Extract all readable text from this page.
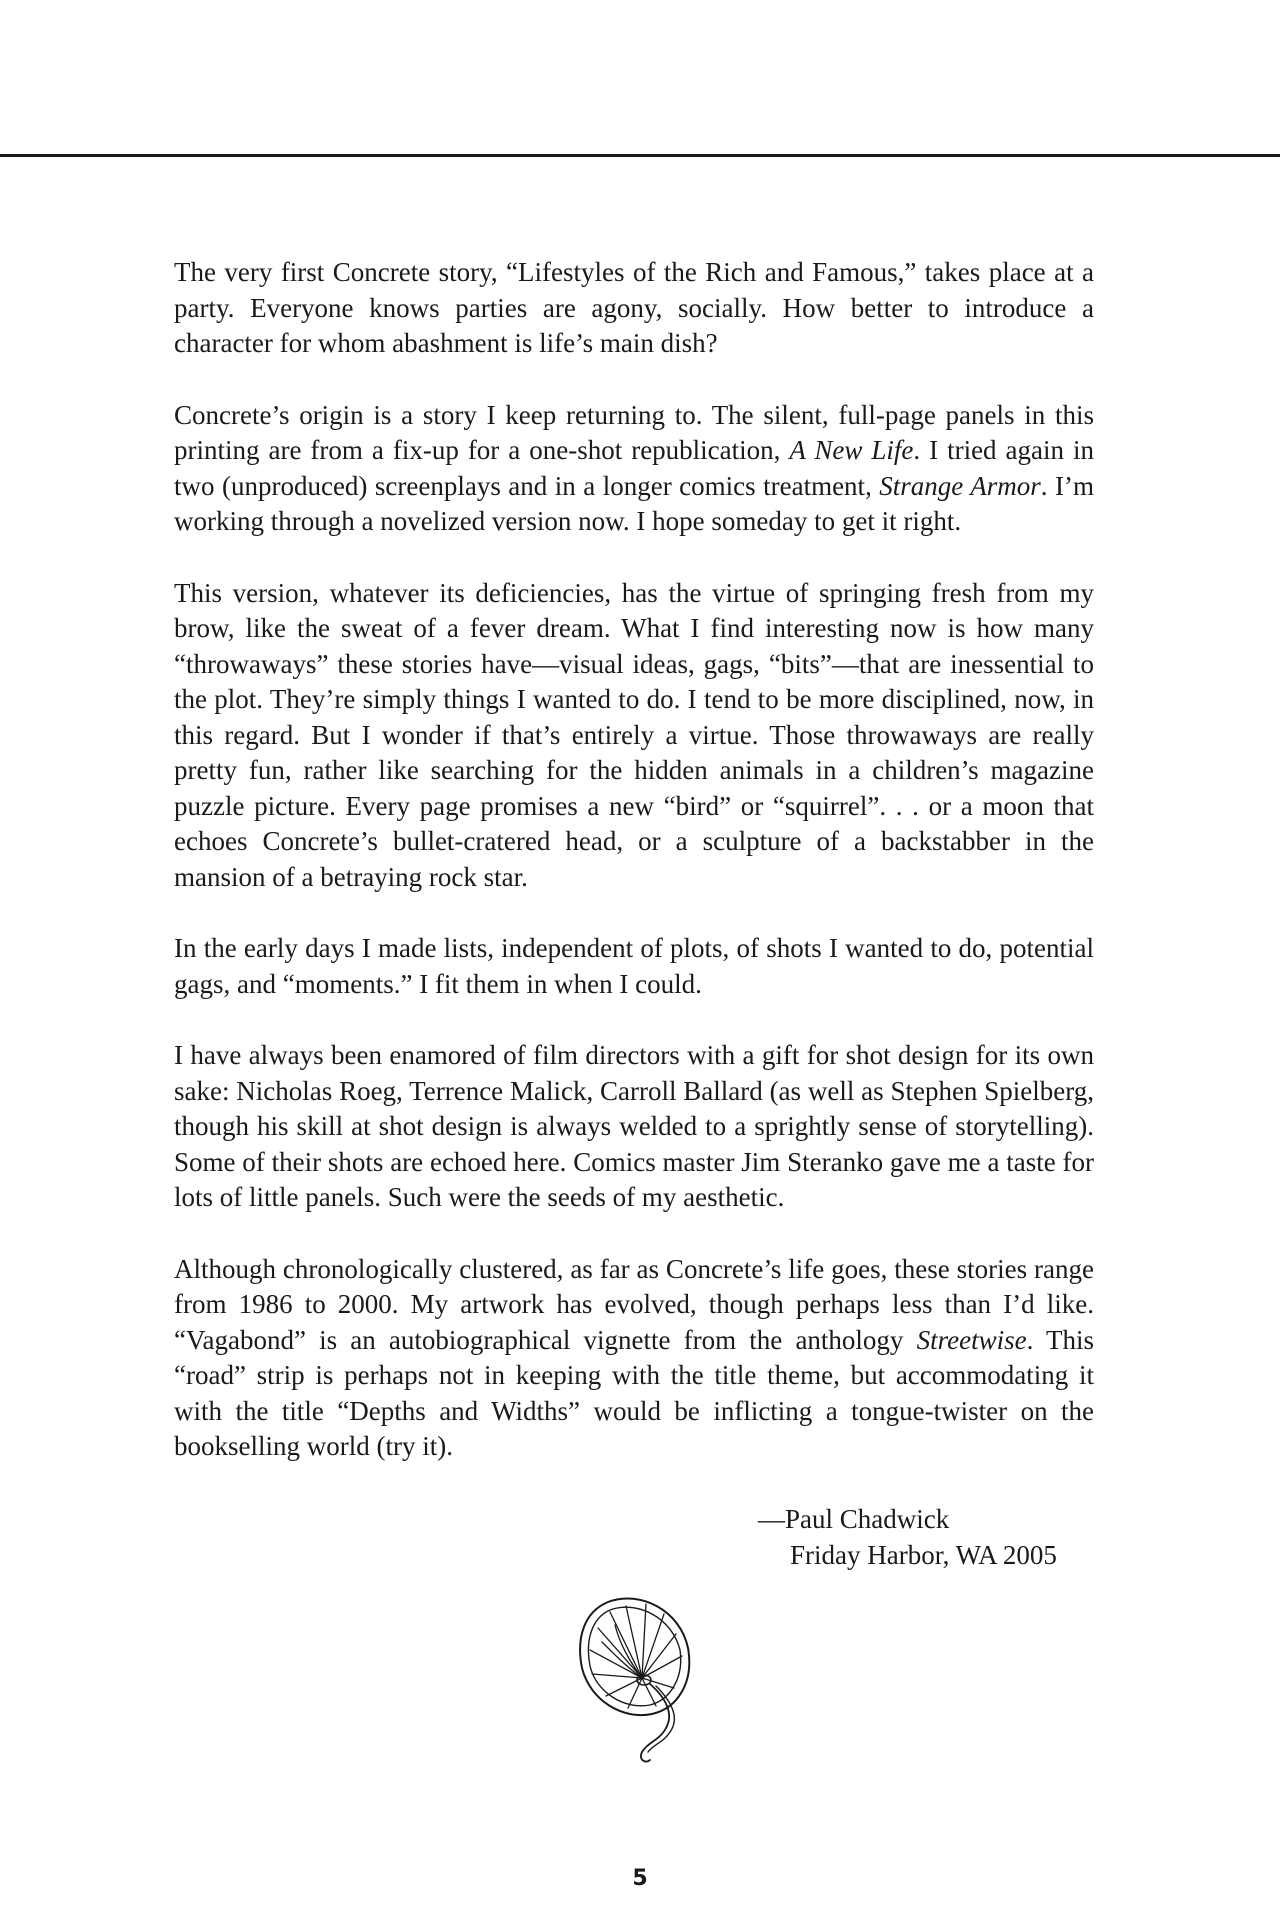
The very first Concrete story, “Lifestyles of the Rich and Famous,” takes place at a party. Everyone knows parties are agony, socially. How better to introduce a character for whom abashment is life’s main dish?

Concrete’s origin is a story I keep returning to. The silent, full-page panels in this printing are from a fix-up for a one-shot republication, A New Life. I tried again in two (unproduced) screenplays and in a longer comics treatment, Strange Armor. I’m working through a novelized version now. I hope someday to get it right.

This version, whatever its deficiencies, has the virtue of springing fresh from my brow, like the sweat of a fever dream. What I find interesting now is how many “throwaways” these stories have—visual ideas, gags, “bits”—that are inessential to the plot. They’re simply things I wanted to do. I tend to be more disciplined, now, in this regard. But I wonder if that’s entirely a virtue. Those throwaways are really pretty fun, rather like searching for the hidden animals in a children’s magazine puzzle picture. Every page promises a new “bird” or “squirrel”. . . or a moon that echoes Concrete’s bullet-cratered head, or a sculpture of a backstabber in the mansion of a betraying rock star.

In the early days I made lists, independent of plots, of shots I wanted to do, potential gags, and “moments.” I fit them in when I could.

I have always been enamored of film directors with a gift for shot design for its own sake: Nicholas Roeg, Terrence Malick, Carroll Ballard (as well as Stephen Spielberg, though his skill at shot design is always welded to a sprightly sense of storytelling). Some of their shots are echoed here. Comics master Jim Steranko gave me a taste for lots of little panels. Such were the seeds of my aesthetic.

Although chronologically clustered, as far as Concrete’s life goes, these stories range from 1986 to 2000. My artwork has evolved, though perhaps less than I’d like. “Vagabond” is an autobiographical vignette from the anthology Streetwise. This “road” strip is perhaps not in keeping with the title theme, but accommodating it with the title “Depths and Widths” would be inflicting a tongue-twister on the bookselling world (try it).

—Paul Chadwick
Friday Harbor, WA 2005
5
